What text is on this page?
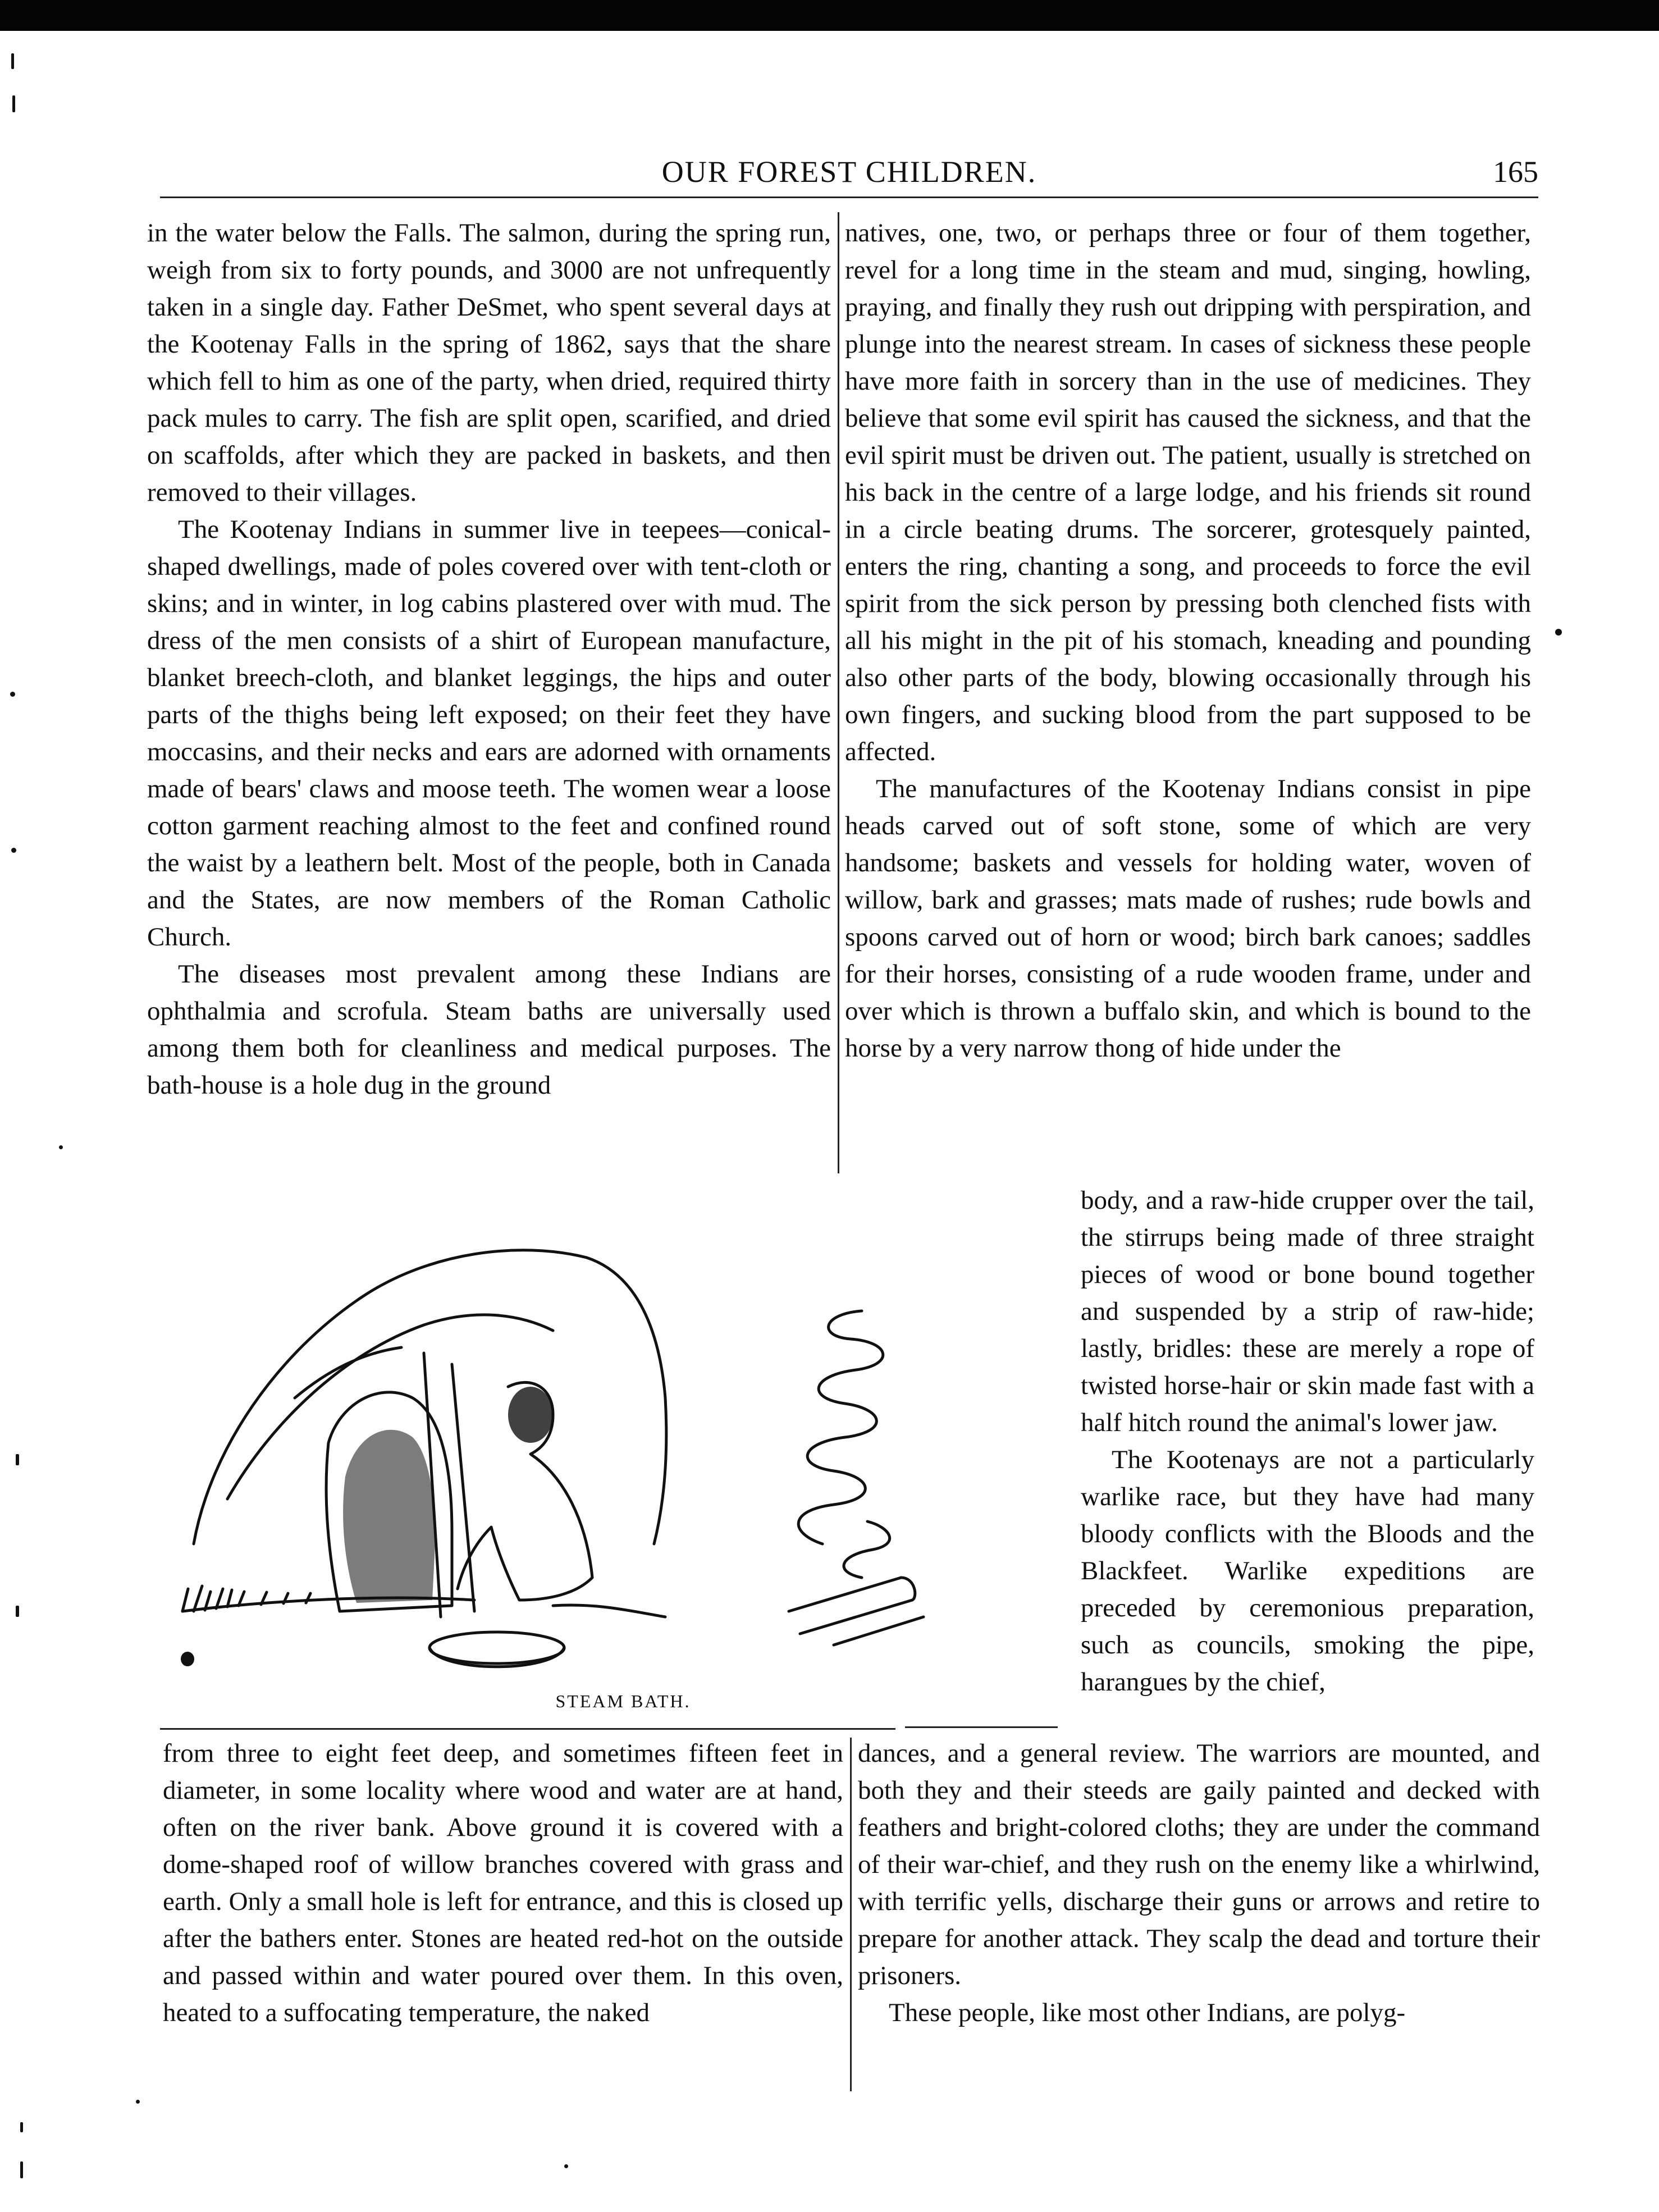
OUR FOREST CHILDREN.	165

in the water below the Falls. The salmon, during the spring run, weigh from six to forty pounds, and 3000 are not unfrequently taken in a single day. Father DeSmet, who spent several days at the Kootenay Falls in the spring of 1862, says that the share which fell to him as one of the party, when dried, required thirty pack mules to carry. The fish are split open, scarified, and dried on scaffolds, after which they are packed in baskets, and then removed to their villages.

The Kootenay Indians in summer live in teepees—conical-shaped dwellings, made of poles covered over with tent-cloth or skins; and in winter, in log cabins plastered over with mud. The dress of the men consists of a shirt of European manufacture, blanket breech-cloth, and blanket leggings, the hips and outer parts of the thighs being left exposed; on their feet they have moccasins, and their necks and ears are adorned with ornaments made of bears' claws and moose teeth. The women wear a loose cotton garment reaching almost to the feet and confined round the waist by a leathern belt. Most of the people, both in Canada and the States, are now members of the Roman Catholic Church.

The diseases most prevalent among these Indians are ophthalmia and scrofula. Steam baths are universally used among them both for cleanliness and medical purposes. The bath-house is a hole dug in the ground

natives, one, two, or perhaps three or four of them together, revel for a long time in the steam and mud, singing, howling, praying, and finally they rush out dripping with perspiration, and plunge into the nearest stream. In cases of sickness these people have more faith in sorcery than in the use of medicines. They believe that some evil spirit has caused the sickness, and that the evil spirit must be driven out. The patient, usually is stretched on his back in the centre of a large lodge, and his friends sit round in a circle beating drums. The sorcerer, grotesquely painted, enters the ring, chanting a song, and proceeds to force the evil spirit from the sick person by pressing both clenched fists with all his might in the pit of his stomach, kneading and pounding also other parts of the body, blowing occasionally through his own fingers, and sucking blood from the part supposed to be affected.

The manufactures of the Kootenay Indians consist in pipe heads carved out of soft stone, some of which are very handsome; baskets and vessels for holding water, woven of willow, bark and grasses; mats made of rushes; rude bowls and spoons carved out of horn or wood; birch bark canoes; saddles for their horses, consisting of a rude wooden frame, under and over which is thrown a buffalo skin, and which is bound to the horse by a very narrow thong of hide under the

STEAM BATH.

body, and a raw-hide crupper over the tail, the stirrups being made of three straight pieces of wood or bone bound together and suspended by a strip of raw-hide; lastly, bridles: these are merely a rope of twisted horse-hair or skin made fast with a half hitch round the animal's lower jaw.

The Kootenays are not a particularly warlike race, but they have had many bloody conflicts with the Bloods and the Blackfeet. Warlike expeditions are preceded by ceremonious preparation, such as councils, smoking the pipe, harangues by the chief,

from three to eight feet deep, and sometimes fifteen feet in diameter, in some locality where wood and water are at hand, often on the river bank. Above ground it is covered with a dome-shaped roof of willow branches covered with grass and earth. Only a small hole is left for entrance, and this is closed up after the bathers enter. Stones are heated red-hot on the outside and passed within and water poured over them. In this oven, heated to a suffocating temperature, the naked

dances, and a general review. The warriors are mounted, and both they and their steeds are gaily painted and decked with feathers and bright-colored cloths; they are under the command of their war-chief, and they rush on the enemy like a whirlwind, with terrific yells, discharge their guns or arrows and retire to prepare for another attack. They scalp the dead and torture their prisoners.

These people, like most other Indians, are polyg-
